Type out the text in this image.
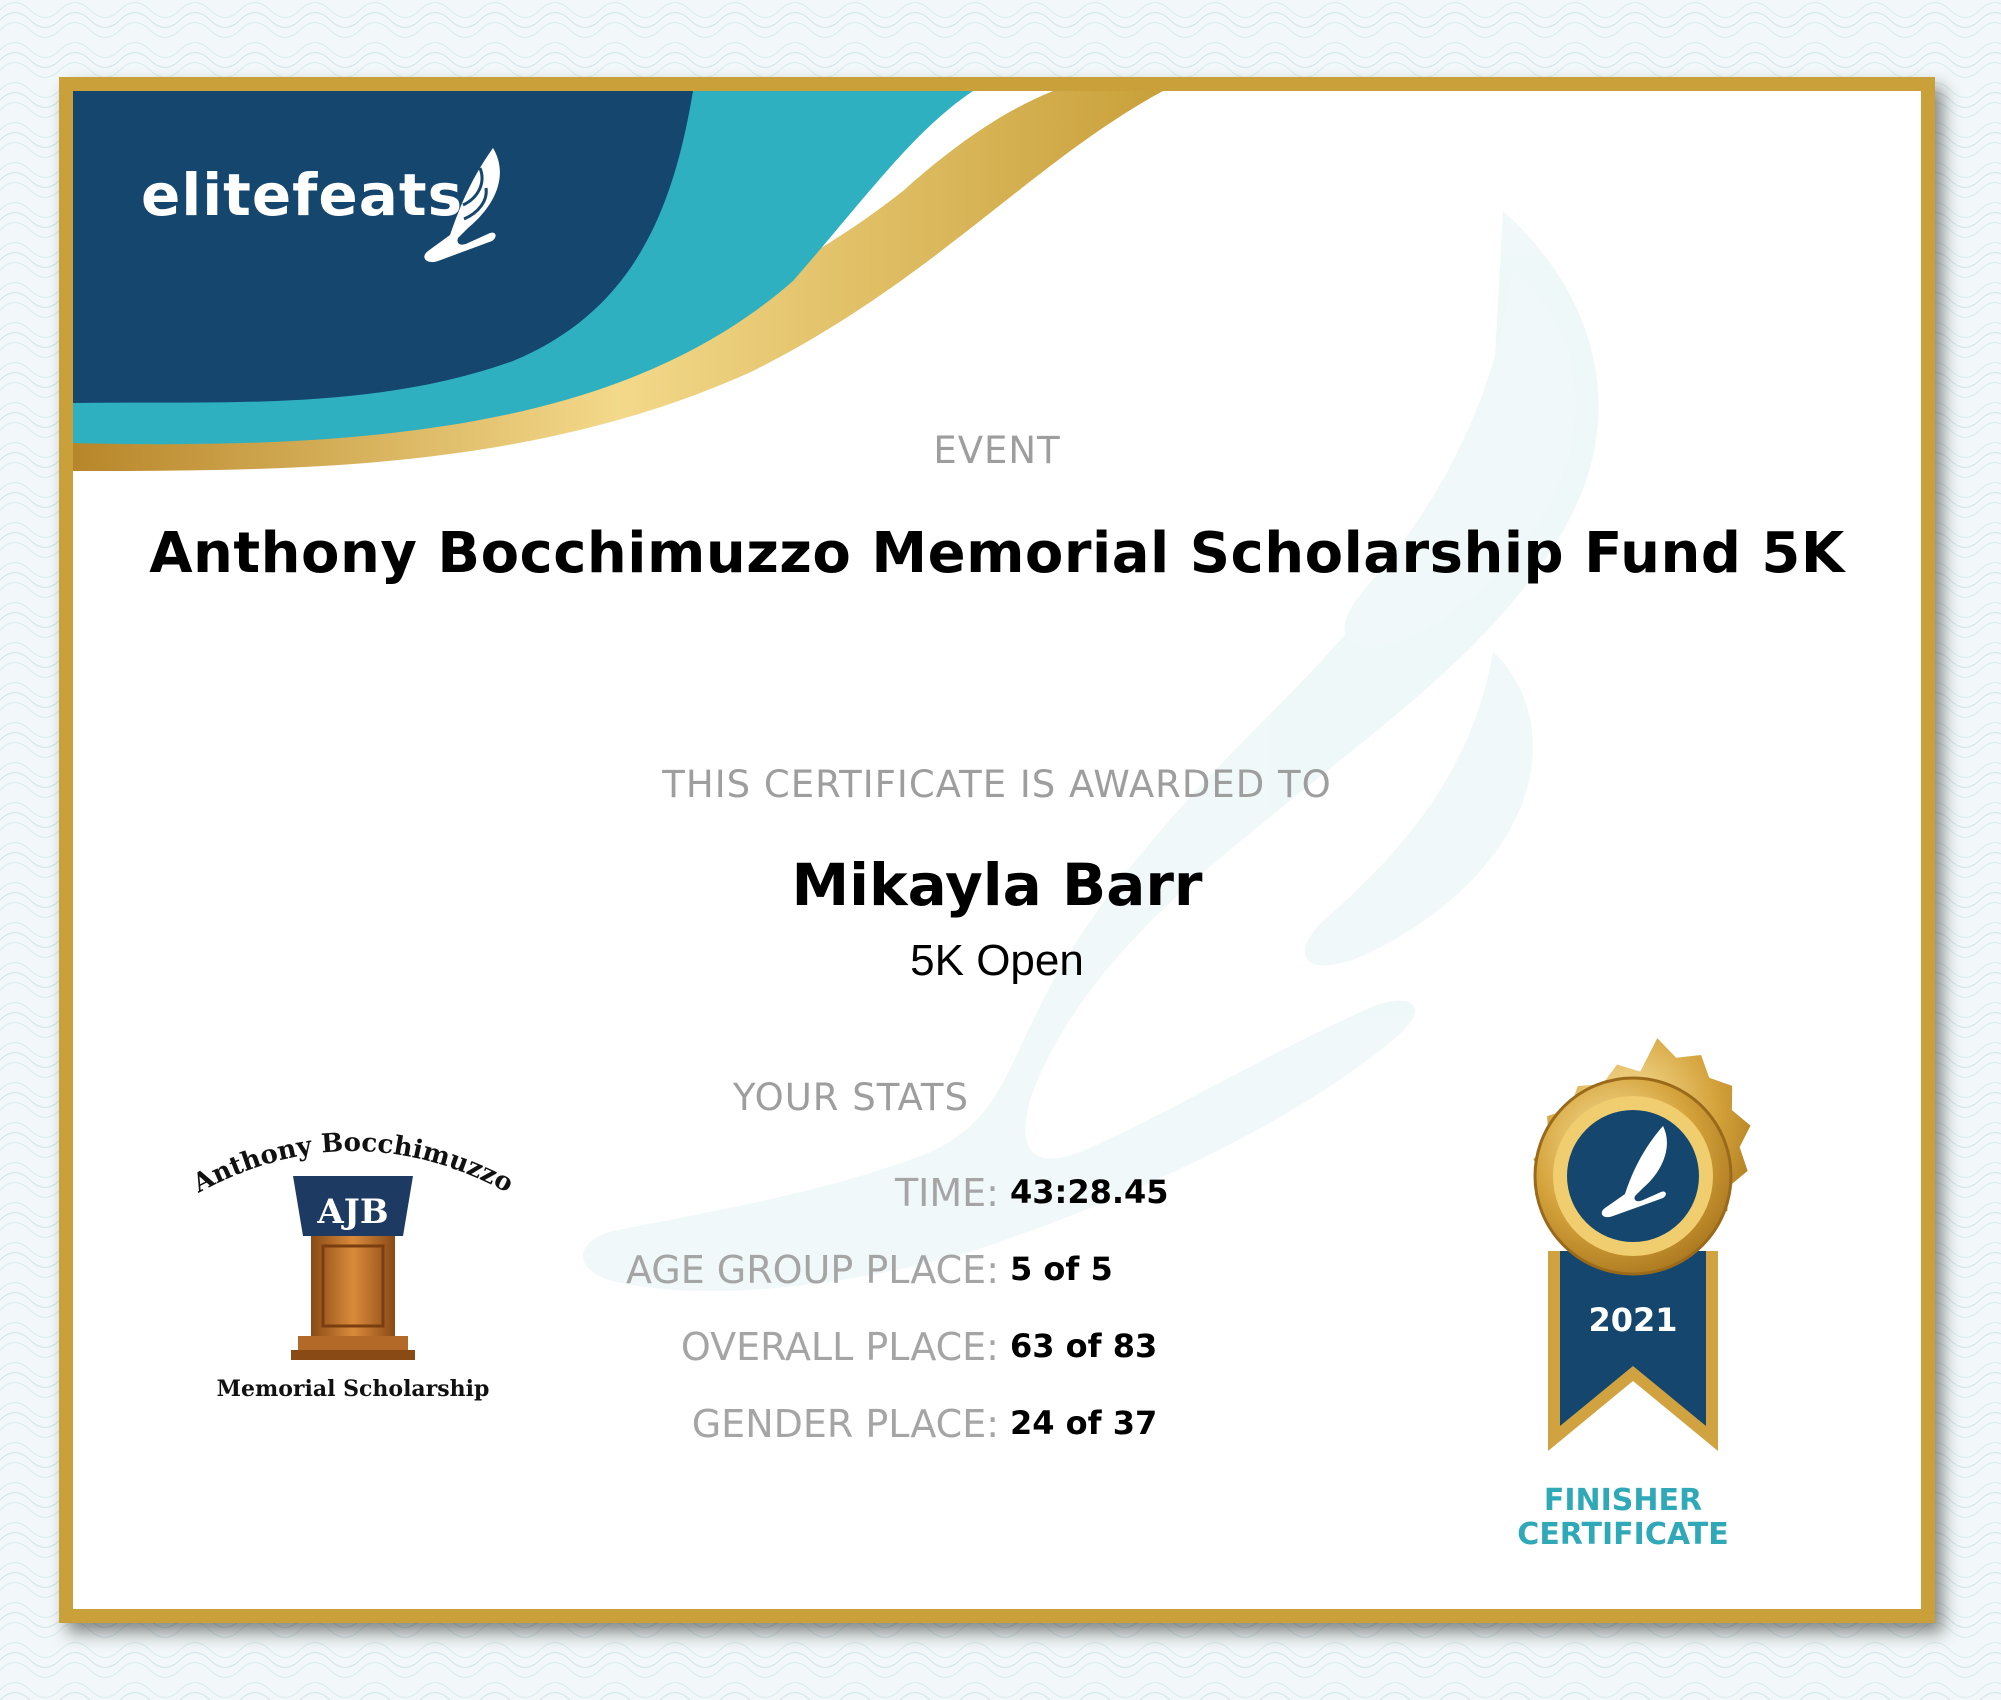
elitefeats
EVENT
Anthony Bocchimuzzo Memorial Scholarship Fund 5K
THIS CERTIFICATE IS AWARDED TO
Mikayla Barr
5K Open
YOUR STATS
TIME: 43:28.45
AGE GROUP PLACE: 5 of 5
OVERALL PLACE: 63 of 83
GENDER PLACE: 24 of 37
Anthony Bocchimuzzo
AJB
Memorial Scholarship
2021
FINISHER
CERTIFICATE
